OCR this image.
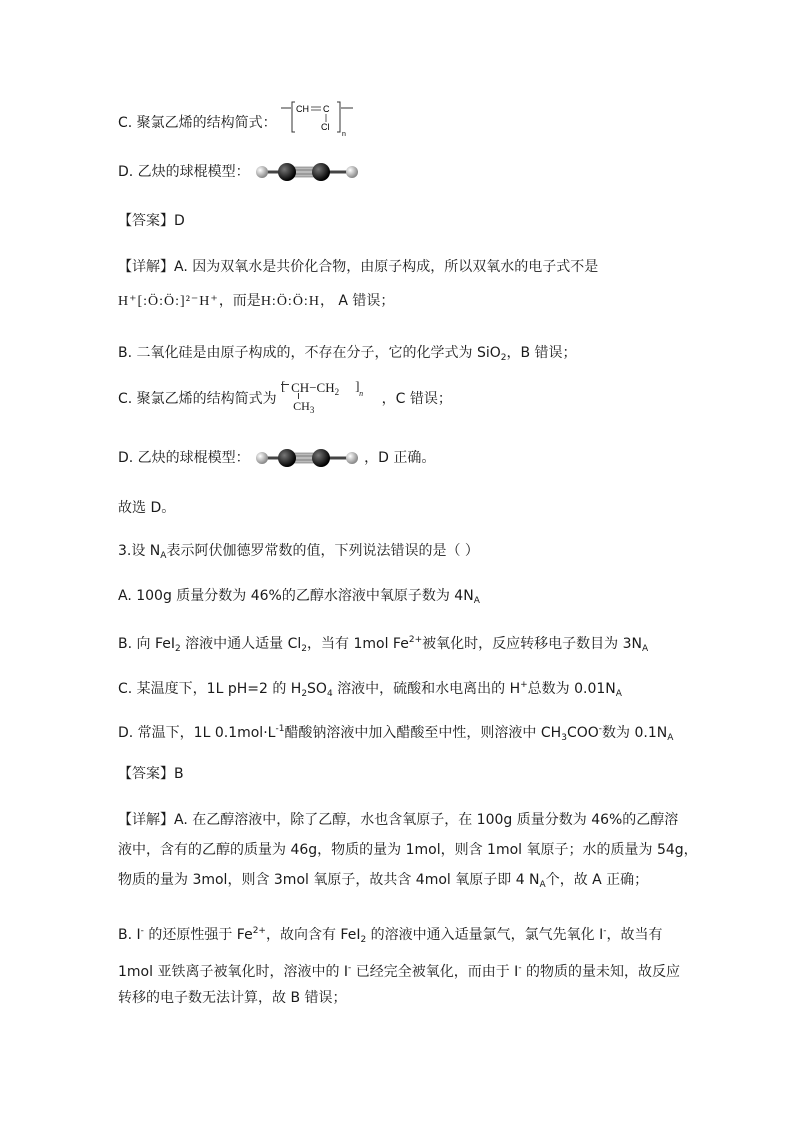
C. 聚氯乙烯的结构简式：
CH C
Cl
n
D. 乙炔的球棍模型：
【答案】D
【详解】A. 因为双氧水是共价化合物，由原子构成，所以双氧水的电子式不是
H⁺[:Ö:Ö:]²⁻H⁺，而是H:Ö:Ö:H， A 错误；
B. 二氧化硅是由原子构成的，不存在分子，它的化学式为 SiO$_2$，B 错误；
C. 聚氯乙烯的结构简式为
[ $CH-CH_2$ ]
n
$CH_3$
，C 错误；
D. 乙炔的球棍模型：	，D 正确。
故选 D。
3.设 $N_A$表示阿伏伽德罗常数的值，下列说法错误的是（ ）
A. 100g 质量分数为 46%的乙醇水溶液中氧原子数为 $4N_A$
B. 向 FeI$_2$ 溶液中通人适量 $Cl_2$，当有 1mol $Fe^{2+}$被氧化时，反应转移电子数目为 $3N_A$
C. 某温度下，1L pH=2 的 $H_2SO_4$ 溶液中，硫酸和水电离出的 H+总数为 $0.01N_A$
D. 常温下，1L $0.1mol\cdot L^{-1}$醋酸钠溶液中加入醋酸至中性，则溶液中 $CH_3COO^-$数为 $0.1N_A$
【答案】B
【详解】A. 在乙醇溶液中，除了乙醇，水也含氧原子，在 100g 质量分数为 46%的乙醇溶
液中，含有的乙醇的质量为 46g，物质的量为 1mol，则含 1mol 氧原子；水的质量为 54g，
物质的量为 3mol，则含 3mol 氧原子，故共含 4mol 氧原子即 4 $N_A$个，故 A 正确；
B. I- 的还原性强于 $Fe^{2+}$，故向含有 FeI$_2$ 的溶液中通入适量氯气，氯气先氧化 I-，故当有
1mol 亚铁离子被氧化时，溶液中的 I- 已经完全被氧化，而由于 I- 的物质的量未知，故反应
转移的电子数无法计算，故 B 错误；
